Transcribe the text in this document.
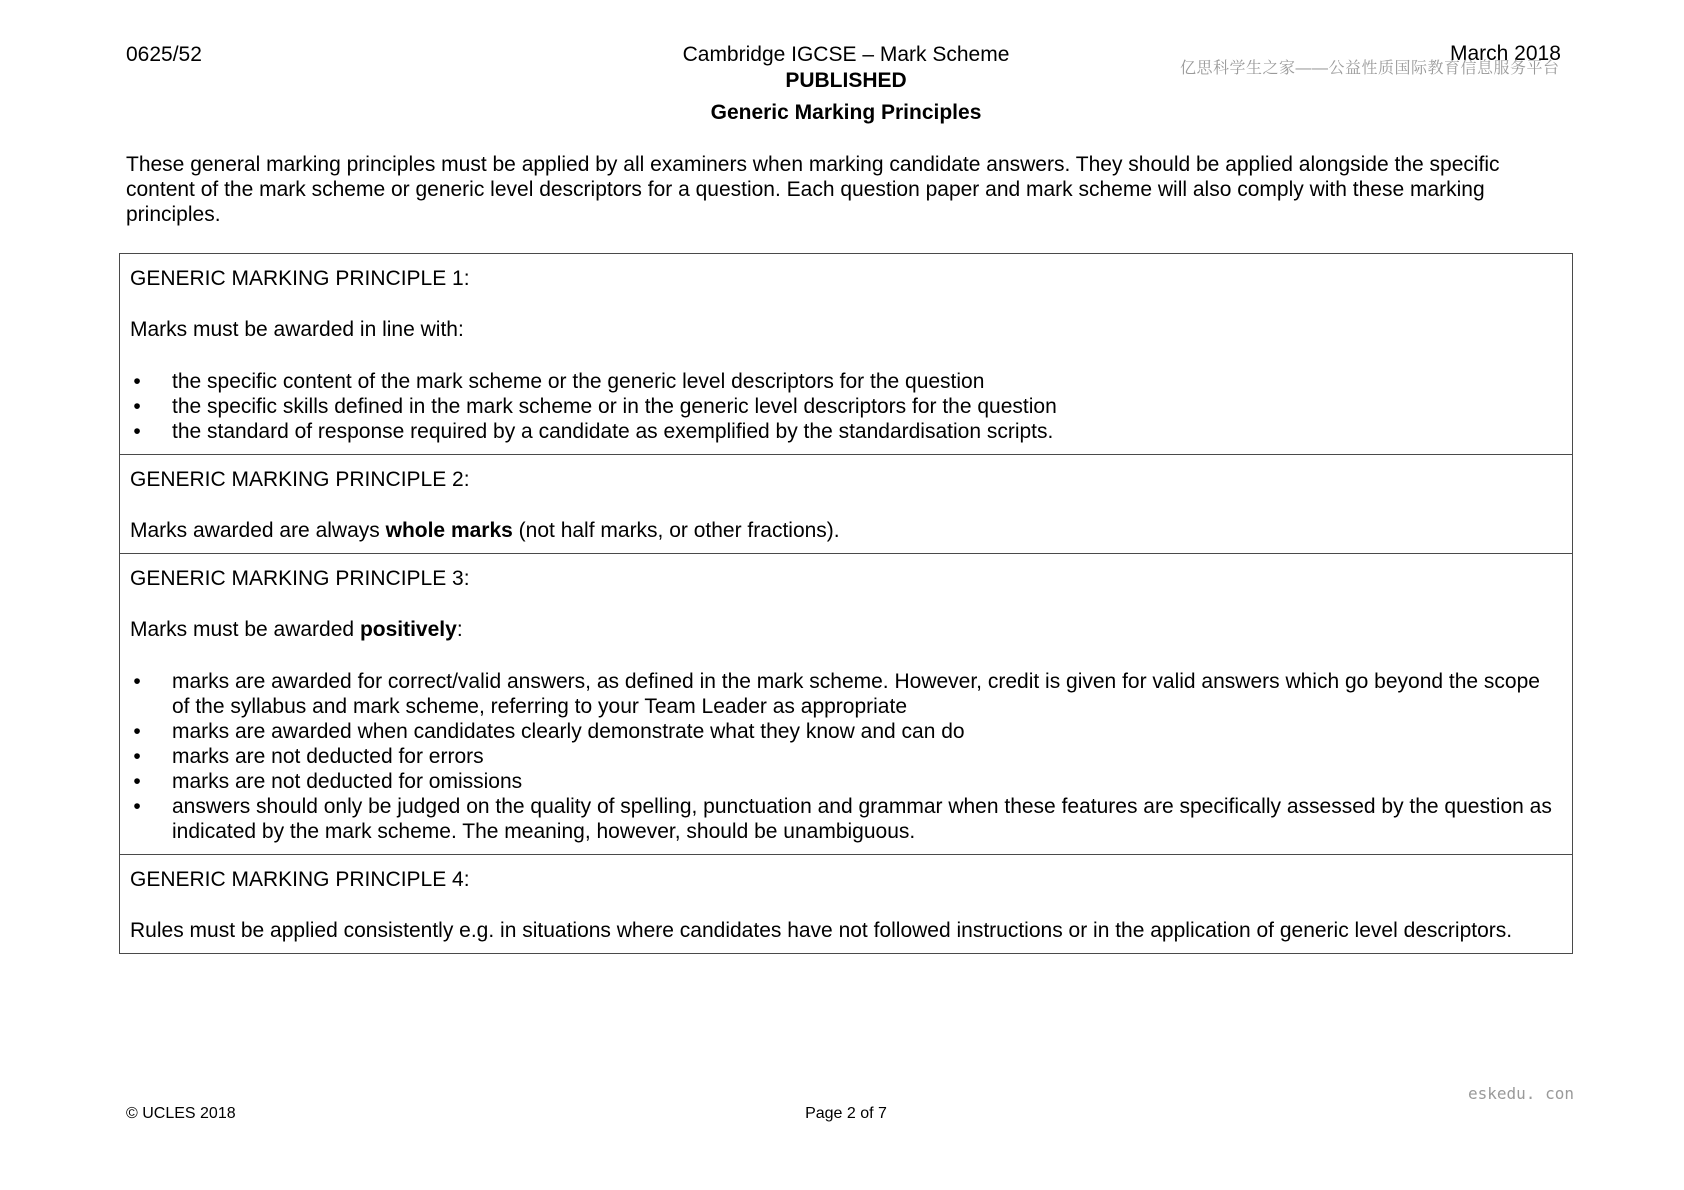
0625/52	Cambridge IGCSE – Mark Scheme	March 2018
亿思科学生之家——公益性质国际教育信息服务平台
PUBLISHED
Generic Marking Principles
These general marking principles must be applied by all examiners when marking candidate answers. They should be applied alongside the specific content of the mark scheme or generic level descriptors for a question. Each question paper and mark scheme will also comply with these marking principles.

GENERIC MARKING PRINCIPLE 1:

Marks must be awarded in line with:

• the specific content of the mark scheme or the generic level descriptors for the question
• the specific skills defined in the mark scheme or in the generic level descriptors for the question
• the standard of response required by a candidate as exemplified by the standardisation scripts.

GENERIC MARKING PRINCIPLE 2:

Marks awarded are always whole marks (not half marks, or other fractions).

GENERIC MARKING PRINCIPLE 3:

Marks must be awarded positively:

• marks are awarded for correct/valid answers, as defined in the mark scheme. However, credit is given for valid answers which go beyond the scope of the syllabus and mark scheme, referring to your Team Leader as appropriate
• marks are awarded when candidates clearly demonstrate what they know and can do
• marks are not deducted for errors
• marks are not deducted for omissions
• answers should only be judged on the quality of spelling, punctuation and grammar when these features are specifically assessed by the question as indicated by the mark scheme. The meaning, however, should be unambiguous.

GENERIC MARKING PRINCIPLE 4:

Rules must be applied consistently e.g. in situations where candidates have not followed instructions or in the application of generic level descriptors.

eskedu. con
© UCLES 2018	Page 2 of 7
